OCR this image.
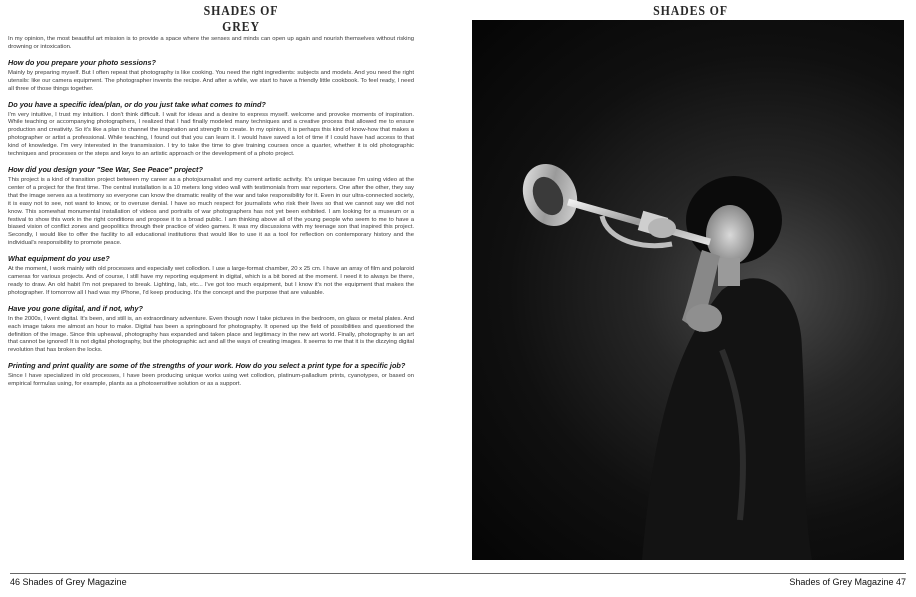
SHADES OF GREY
SHADES OF

In my opinion, the most beautiful art mission is to provide a space where the senses and minds can open up again and nourish themselves without risking drowning or intoxication.

How do you prepare your photo sessions?

Mainly by preparing myself. But I often repeat that photography is like cooking. You need the right ingredients: subjects and models. And you need the right utensils: like our camera equipment. The photographer invents the recipe. And after a while, we start to have a friendly little cookbook. To feel ready, I need all three of those things together.

Do you have a specific idea/plan, or do you just take what comes to mind?

I'm very intuitive, I trust my intuition. I don't think difficult. I wait for ideas and a desire to express myself. welcome and provoke moments of inspiration. While teaching or accompanying photographers, I realized that I had finally modeled many techniques and a creative process that allowed me to ensure production and creativity. So it's like a plan to channel the inspiration and strength to create. In my opinion, it is perhaps this kind of know-how that makes a photographer or artist a professional. While teaching, I found out that you can learn it. I would have saved a lot of time if I could have had access to that kind of knowledge. I'm very interested in the transmission. I try to take the time to give training courses once a quarter, whether it is old photographic techniques and processes or the steps and keys to an artistic approach or the development of a photo project.

How did you design your "See War, See Peace" project?

This project is a kind of transition project between my career as a photojournalist and my current artistic activity. It's unique because I'm using video at the center of a project for the first time. The central installation is a 10 meters long video wall with testimonials from war reporters. One after the other, they say that the image serves as a testimony so everyone can know the dramatic reality of the war and take responsibility for it. Even in our ultra-connected society, it is easy not to see, not want to know, or to overuse denial. I have so much respect for journalists who risk their lives so that we cannot say we did not know. This somewhat monumental installation of videos and portraits of war photographers has not yet been exhibited. I am looking for a museum or a festival to show this work in the right conditions and propose it to a broad public. I am thinking above all of the young people who seem to me to have a biased vision of conflict zones and geopolitics through their practice of video games. It was my discussions with my teenage son that inspired this project. Secondly, I would like to offer the facility to all educational institutions that would like to use it as a tool for reflection on contemporary history and the individual's responsibility to promote peace.

What equipment do you use?

At the moment, I work mainly with old processes and especially wet collodion. I use a large-format chamber, 20 x 25 cm. I have an array of film and polaroid cameras for various projects. And of course, I still have my reporting equipment in digital, which is a bit bored at the moment. I need it to always be there, ready to draw. An old habit I'm not prepared to break. Lighting, lab, etc... I've got too much equipment, but I know it's not the equipment that makes the photographer. If tomorrow all I had was my iPhone, I'd keep producing. It's the concept and the purpose that are valuable.

Have you gone digital, and if not, why?

In the 2000s, I went digital. It's been, and still is, an extraordinary adventure. Even though now I take pictures in the bedroom, on glass or metal plates. And each image takes me almost an hour to make. Digital has been a springboard for photography. It opened up the field of possibilities and questioned the definition of the image. Since this upheaval, photography has expanded and taken place and legitimacy in the new art world. Finally, photography is an art that cannot be ignored! It is not digital photography, but the photographic act and all the ways of creating images. It seems to me that it is the dizzying digital revolution that has broken the locks.

Printing and print quality are some of the strengths of your work. How do you select a print type for a specific job?

Since I have specialized in old processes, I have been producing unique works using wet collodion, platinum-palladium prints, cyanotypes, or based on empirical formulas using, for example, plants as a photosensitive solution or as a support.

46 Shades of Grey Magazine	Shades of Grey Magazine 47
